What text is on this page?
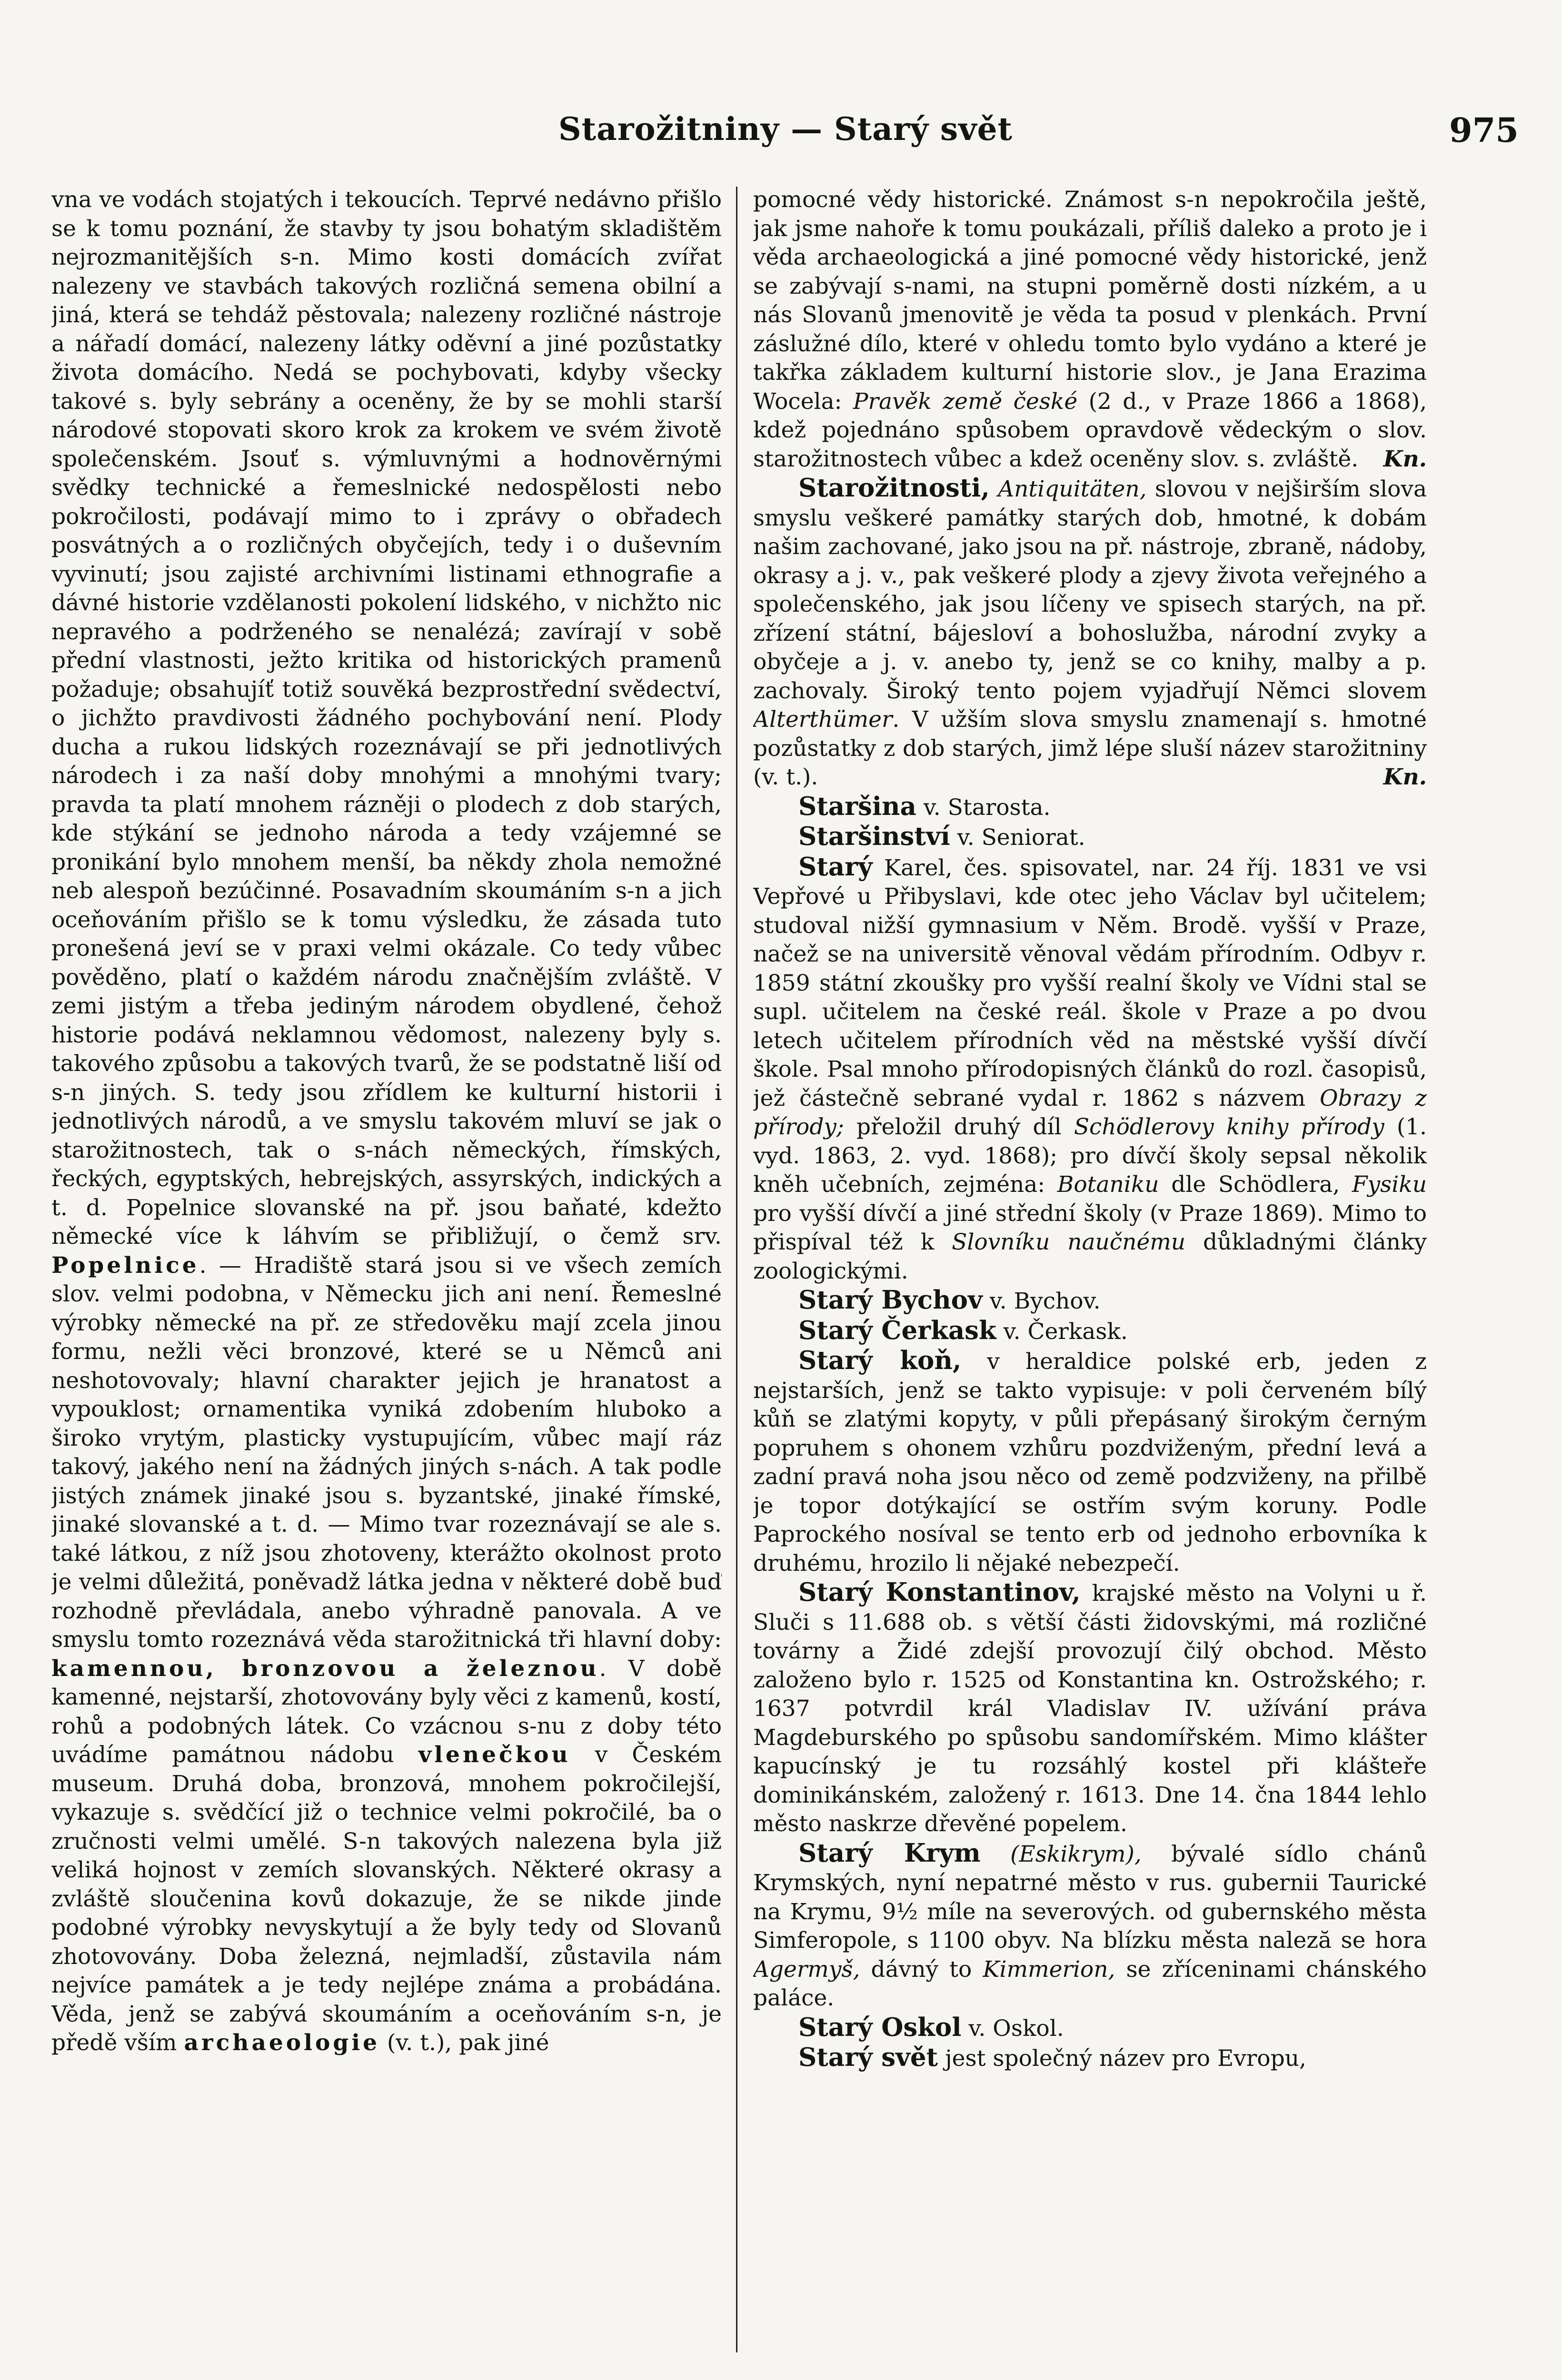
Starožitniny — Starý svět	975

vna ve vodách stojatých i tekoucích. Teprvé nedávno přišlo se k tomu poznání, že stavby ty jsou bohatým skladištěm nejrozmanitějších s-n. Mimo kosti domácích zvířat nalezeny ve stavbách takových rozličná semena obilní a jiná, která se tehdáž pěstovala; nalezeny rozličné nástroje a nářadí domácí, nalezeny látky oděvní a jiné pozůstatky života domácího. Nedá se pochybovati, kdyby všecky takové s. byly sebrány a oceněny, že by se mohli starší národové stopovati skoro krok za krokem ve svém životě společenském. Jsouť s. výmluvnými a hodnověrnými svědky technické a řemeslnické nedospělosti nebo pokročilosti, podávají mimo to i zprávy o obřadech posvátných a o rozličných obyčejích, tedy i o duševním vyvinutí; jsou zajisté archivními listinami ethnografie a dávné historie vzdělanosti pokolení lidského, v nichžto nic nepravého a podrženého se nenalézá; zavírají v sobě přední vlastnosti, ježto kritika od historických pramenů požaduje; obsahujíť totiž souvěká bezprostřední svědectví, o jichžto pravdivosti žádného pochybování není. Plody ducha a rukou lidských rozeznávají se při jednotlivých národech i za naší doby mnohými a mnohými tvary; pravda ta platí mnohem rázněji o plodech z dob starých, kde stýkání se jednoho národa a tedy vzájemné se pronikání bylo mnohem menší, ba někdy zhola nemožné neb alespoň bezúčinné. Posavadním skoumáním s-n a jich oceňováním přišlo se k tomu výsledku, že zásada tuto pronešená jeví se v praxi velmi okázale. Co tedy vůbec pověděno, platí o každém národu značnějším zvláště. V zemi jistým a třeba jediným národem obydlené, čehož historie podává neklamnou vědomost, nalezeny byly s. takového způsobu a takových tvarů, že se podstatně liší od s-n jiných. S. tedy jsou zřídlem ke kulturní historii i jednotlivých národů, a ve smyslu takovém mluví se jak o starožitnostech, tak o s-nách německých, římských, řeckých, egyptských, hebrejských, assyrských, indických a t. d. Popelnice slovanské na př. jsou baňaté, kdežto německé více k láhvím se přibližují, o čemž srv. Popelnice. — Hradiště stará jsou si ve všech zemích slov. velmi podobna, v Německu jich ani není. Řemeslné výrobky německé na př. ze středověku mají zcela jinou formu, nežli věci bronzové, které se u Němců ani neshotovovaly; hlavní charakter jejich je hranatost a vypouklost; ornamentika vyniká zdobením hluboko a široko vrytým, plasticky vystupujícím, vůbec mají ráz takový, jakého není na žádných jiných s-nách. A tak podle jistých známek jinaké jsou s. byzantské, jinaké římské, jinaké slovanské a t. d. — Mimo tvar rozeznávají se ale s. také látkou, z níž jsou zhotoveny, kterážto okolnost proto je velmi důležitá, poněvadž látka jedna v některé době buď rozhodně převládala, anebo výhradně panovala. A ve smyslu tomto rozeznává věda starožitnická tři hlavní doby: kamennou, bronzovou a železnou. V době kamenné, nejstarší, zhotovovány byly věci z kamenů, kostí, rohů a podobných látek. Co vzácnou s-nu z doby této uvádíme památnou nádobu vlenečkou v Českém museum. Druhá doba, bronzová, mnohem pokročilejší, vykazuje s. svědčící již o technice velmi pokročilé, ba o zručnosti velmi umělé. S-n takových nalezena byla již veliká hojnost v zemích slovanských. Některé okrasy a zvláště sloučenina kovů dokazuje, že se nikde jinde podobné výrobky nevyskytují a že byly tedy od Slovanů zhotovovány. Doba železná, nejmladší, zůstavila nám nejvíce památek a je tedy nejlépe známa a probádána. Věda, jenž se zabývá skoumáním a oceňováním s-n, je předě vším archaeologie (v. t.), pak jiné

pomocné vědy historické. Známost s-n nepokročila ještě, jak jsme nahoře k tomu poukázali, příliš daleko a proto je i věda archaeologická a jiné pomocné vědy historické, jenž se zabývají s-nami, na stupni poměrně dosti nízkém, a u nás Slovanů jmenovitě je věda ta posud v plenkách. První záslužné dílo, které v ohledu tomto bylo vydáno a které je takřka základem kulturní historie slov., je Jana Erazima Wocela: Pravěk země české (2 d., v Praze 1866 a 1868), kdež pojednáno spůsobem opravdově vědeckým o slov. starožitnostech vůbec a kdež oceněny slov. s. zvláště. Kn.

Starožitnosti, Antiquitäten, slovou v nejširším slova smyslu veškeré památky starých dob, hmotné, k dobám našim zachované, jako jsou na př. nástroje, zbraně, nádoby, okrasy a j. v., pak veškeré plody a zjevy života veřejného a společenského, jak jsou líčeny ve spisech starých, na př. zřízení státní, bájesloví a bohoslužba, národní zvyky a obyčeje a j. v. anebo ty, jenž se co knihy, malby a p. zachovaly. Široký tento pojem vyjadřují Němci slovem Alterthümer. V užším slova smyslu znamenají s. hmotné pozůstatky z dob starých, jimž lépe sluší název starožitniny (v. t.).	Kn.

Staršina v. Starosta.

Staršinství v. Seniorat.

Starý Karel, čes. spisovatel, nar. 24 říj. 1831 ve vsi Vepřové u Přibyslavi, kde otec jeho Václav byl učitelem; studoval nižší gymnasium v Něm. Brodě. vyšší v Praze, načež se na universitě věnoval vědám přírodním. Odbyv r. 1859 státní zkoušky pro vyšší realní školy ve Vídni stal se supl. učitelem na české reál. škole v Praze a po dvou letech učitelem přírodních věd na městské vyšší dívčí škole. Psal mnoho přírodopisných článků do rozl. časopisů, jež částečně sebrané vydal r. 1862 s názvem Obrazy z přírody; přeložil druhý díl Schödlerovy knihy přírody (1. vyd. 1863, 2. vyd. 1868); pro dívčí školy sepsal několik kněh učebních, zejména: Botaniku dle Schödlera, Fysiku pro vyšší dívčí a jiné střední školy (v Praze 1869). Mimo to přispíval též k Slovníku naučnému důkladnými články zoologickými.

Starý Bychov v. Bychov.

Starý Čerkask v. Čerkask.

Starý koň, v heraldice polské erb, jeden z nejstarších, jenž se takto vypisuje: v poli červeném bílý kůň se zlatými kopyty, v půli přepásaný širokým černým popruhem s ohonem vzhůru pozdviženým, přední levá a zadní pravá noha jsou něco od země podzviženy, na přilbě je topor dotýkající se ostřím svým koruny. Podle Paprockého nosíval se tento erb od jednoho erbovníka k druhému, hrozilo li nějaké nebezpečí.

Starý Konstantinov, krajské město na Volyni u ř. Sluči s 11.688 ob. s větší části židovskými, má rozličné továrny a Židé zdejší provozují čilý obchod. Město založeno bylo r. 1525 od Konstantina kn. Ostrožského; r. 1637 potvrdil král Vladislav IV. užívání práva Magdeburského po spůsobu sandomířském. Mimo klášter kapucínský je tu rozsáhlý kostel při klášteře dominikánském, založený r. 1613. Dne 14. čna 1844 lehlo město naskrze dřevěné popelem.

Starý Krym (Eskikrym), bývalé sídlo chánů Krymských, nyní nepatrné město v rus. gubernii Taurické na Krymu, 9½ míle na severových. od gubernského města Simferopole, s 1100 obyv. Na blízku města naleză se hora Agermyš, dávný to Kimmerion, se zříceninami chánského paláce.

Starý Oskol v. Oskol.

Starý svět jest společný název pro Evropu,
